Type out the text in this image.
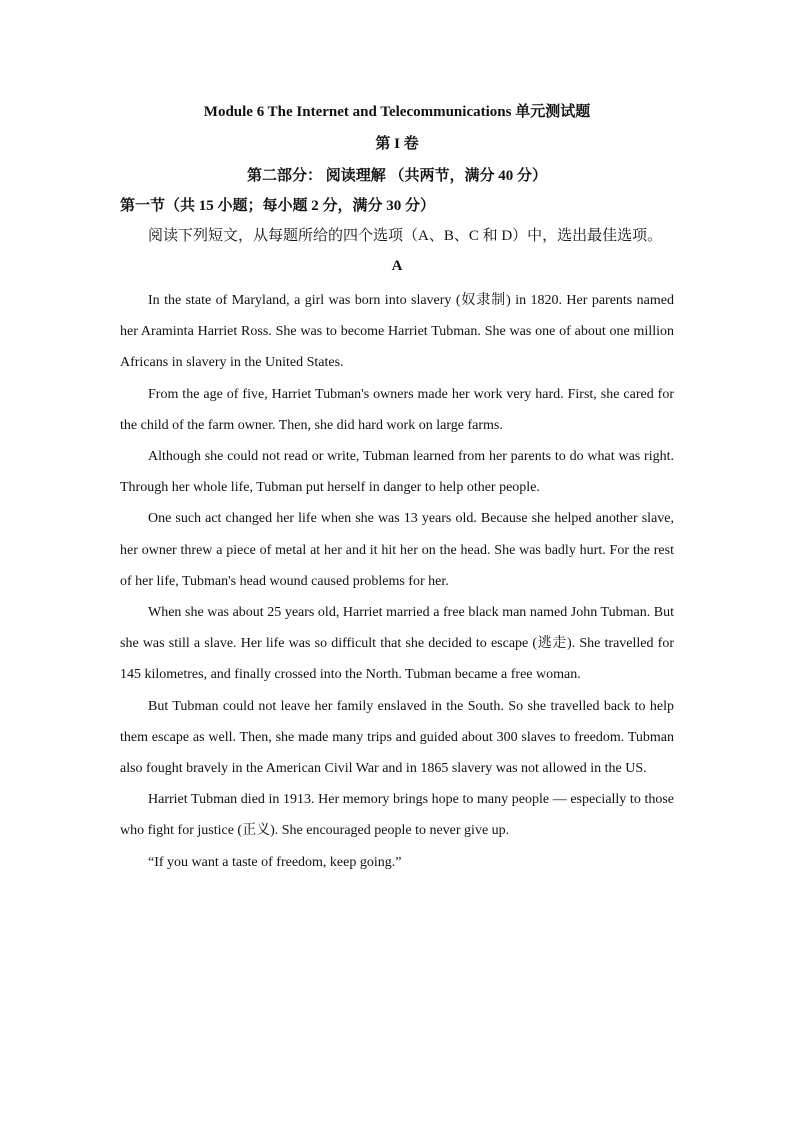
Module 6 The Internet and Telecommunications 单元测试题

第 I 卷

第二部分： 阅读理解 （共两节，满分 40 分）

第一节（共 15 小题；每小题 2 分，满分 30 分）

阅读下列短文，从每题所给的四个选项（A、B、C 和 D）中，选出最佳选项。

A

In the state of Maryland, a girl was born into slavery (奴隶制) in 1820. Her parents named her Araminta Harriet Ross. She was to become Harriet Tubman. She was one of about one million Africans in slavery in the United States.

From the age of five, Harriet Tubman's owners made her work very hard. First, she cared for the child of the farm owner. Then, she did hard work on large farms.

Although she could not read or write, Tubman learned from her parents to do what was right. Through her whole life, Tubman put herself in danger to help other people.

One such act changed her life when she was 13 years old. Because she helped another slave, her owner threw a piece of metal at her and it hit her on the head. She was badly hurt. For the rest of her life, Tubman's head wound caused problems for her.

When she was about 25 years old, Harriet married a free black man named John Tubman. But she was still a slave. Her life was so difficult that she decided to escape (逃走). She travelled for 145 kilometres, and finally crossed into the North. Tubman became a free woman.

But Tubman could not leave her family enslaved in the South. So she travelled back to help them escape as well. Then, she made many trips and guided about 300 slaves to freedom. Tubman also fought bravely in the American Civil War and in 1865 slavery was not allowed in the US.

Harriet Tubman died in 1913. Her memory brings hope to many people — especially to those who fight for justice (正义). She encouraged people to never give up.

“If you want a taste of freedom, keep going.”
